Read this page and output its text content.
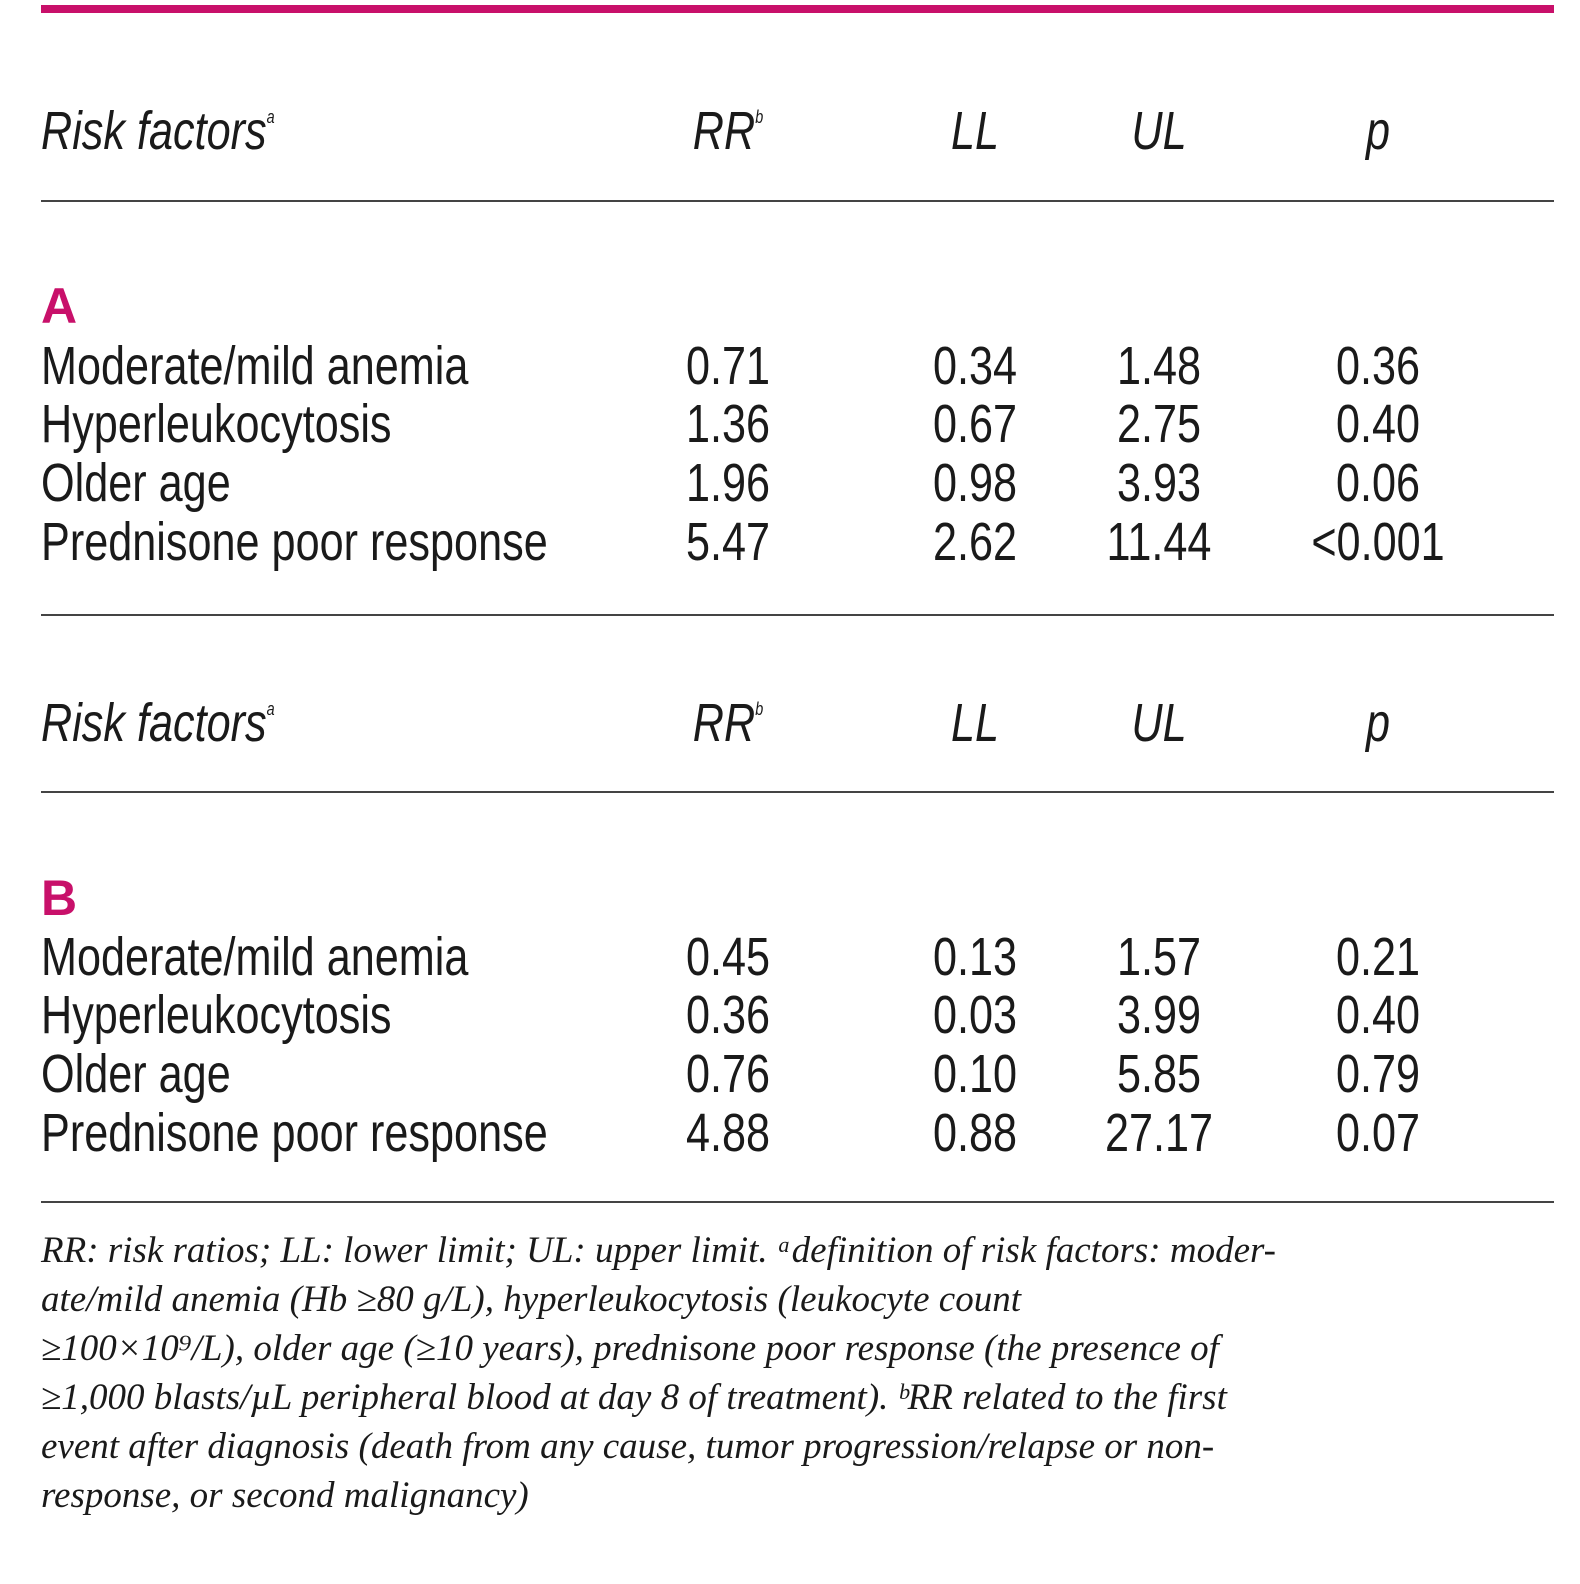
Risk factors$^a$	RR$^b$	LL	UL	p
A
Moderate/mild anemia	0.71	0.34	1.48	0.36
Hyperleukocytosis	1.36	0.67	2.75	0.40
Older age	1.96	0.98	3.93	0.06
Prednisone poor response	5.47	2.62	11.44	<0.001
Risk factors$^a$	RR$^b$	LL	UL	p
B
Moderate/mild anemia	0.45	0.13	1.57	0.21
Hyperleukocytosis	0.36	0.03	3.99	0.40
Older age	0.76	0.10	5.85	0.79
Prednisone poor response	4.88	0.88	27.17	0.07

RR: risk ratios; LL: lower limit; UL: upper limit. ᵃdefinition of risk factors: moder-
ate/mild anemia (Hb ≥80 g/L), hyperleukocytosis (leukocyte count
≥100×10⁹/L), older age (≥10 years), prednisone poor response (the presence of
≥1,000 blasts/µL peripheral blood at day 8 of treatment). ᵇRR related to the first
event after diagnosis (death from any cause, tumor progression/relapse or non-
response, or second malignancy)
